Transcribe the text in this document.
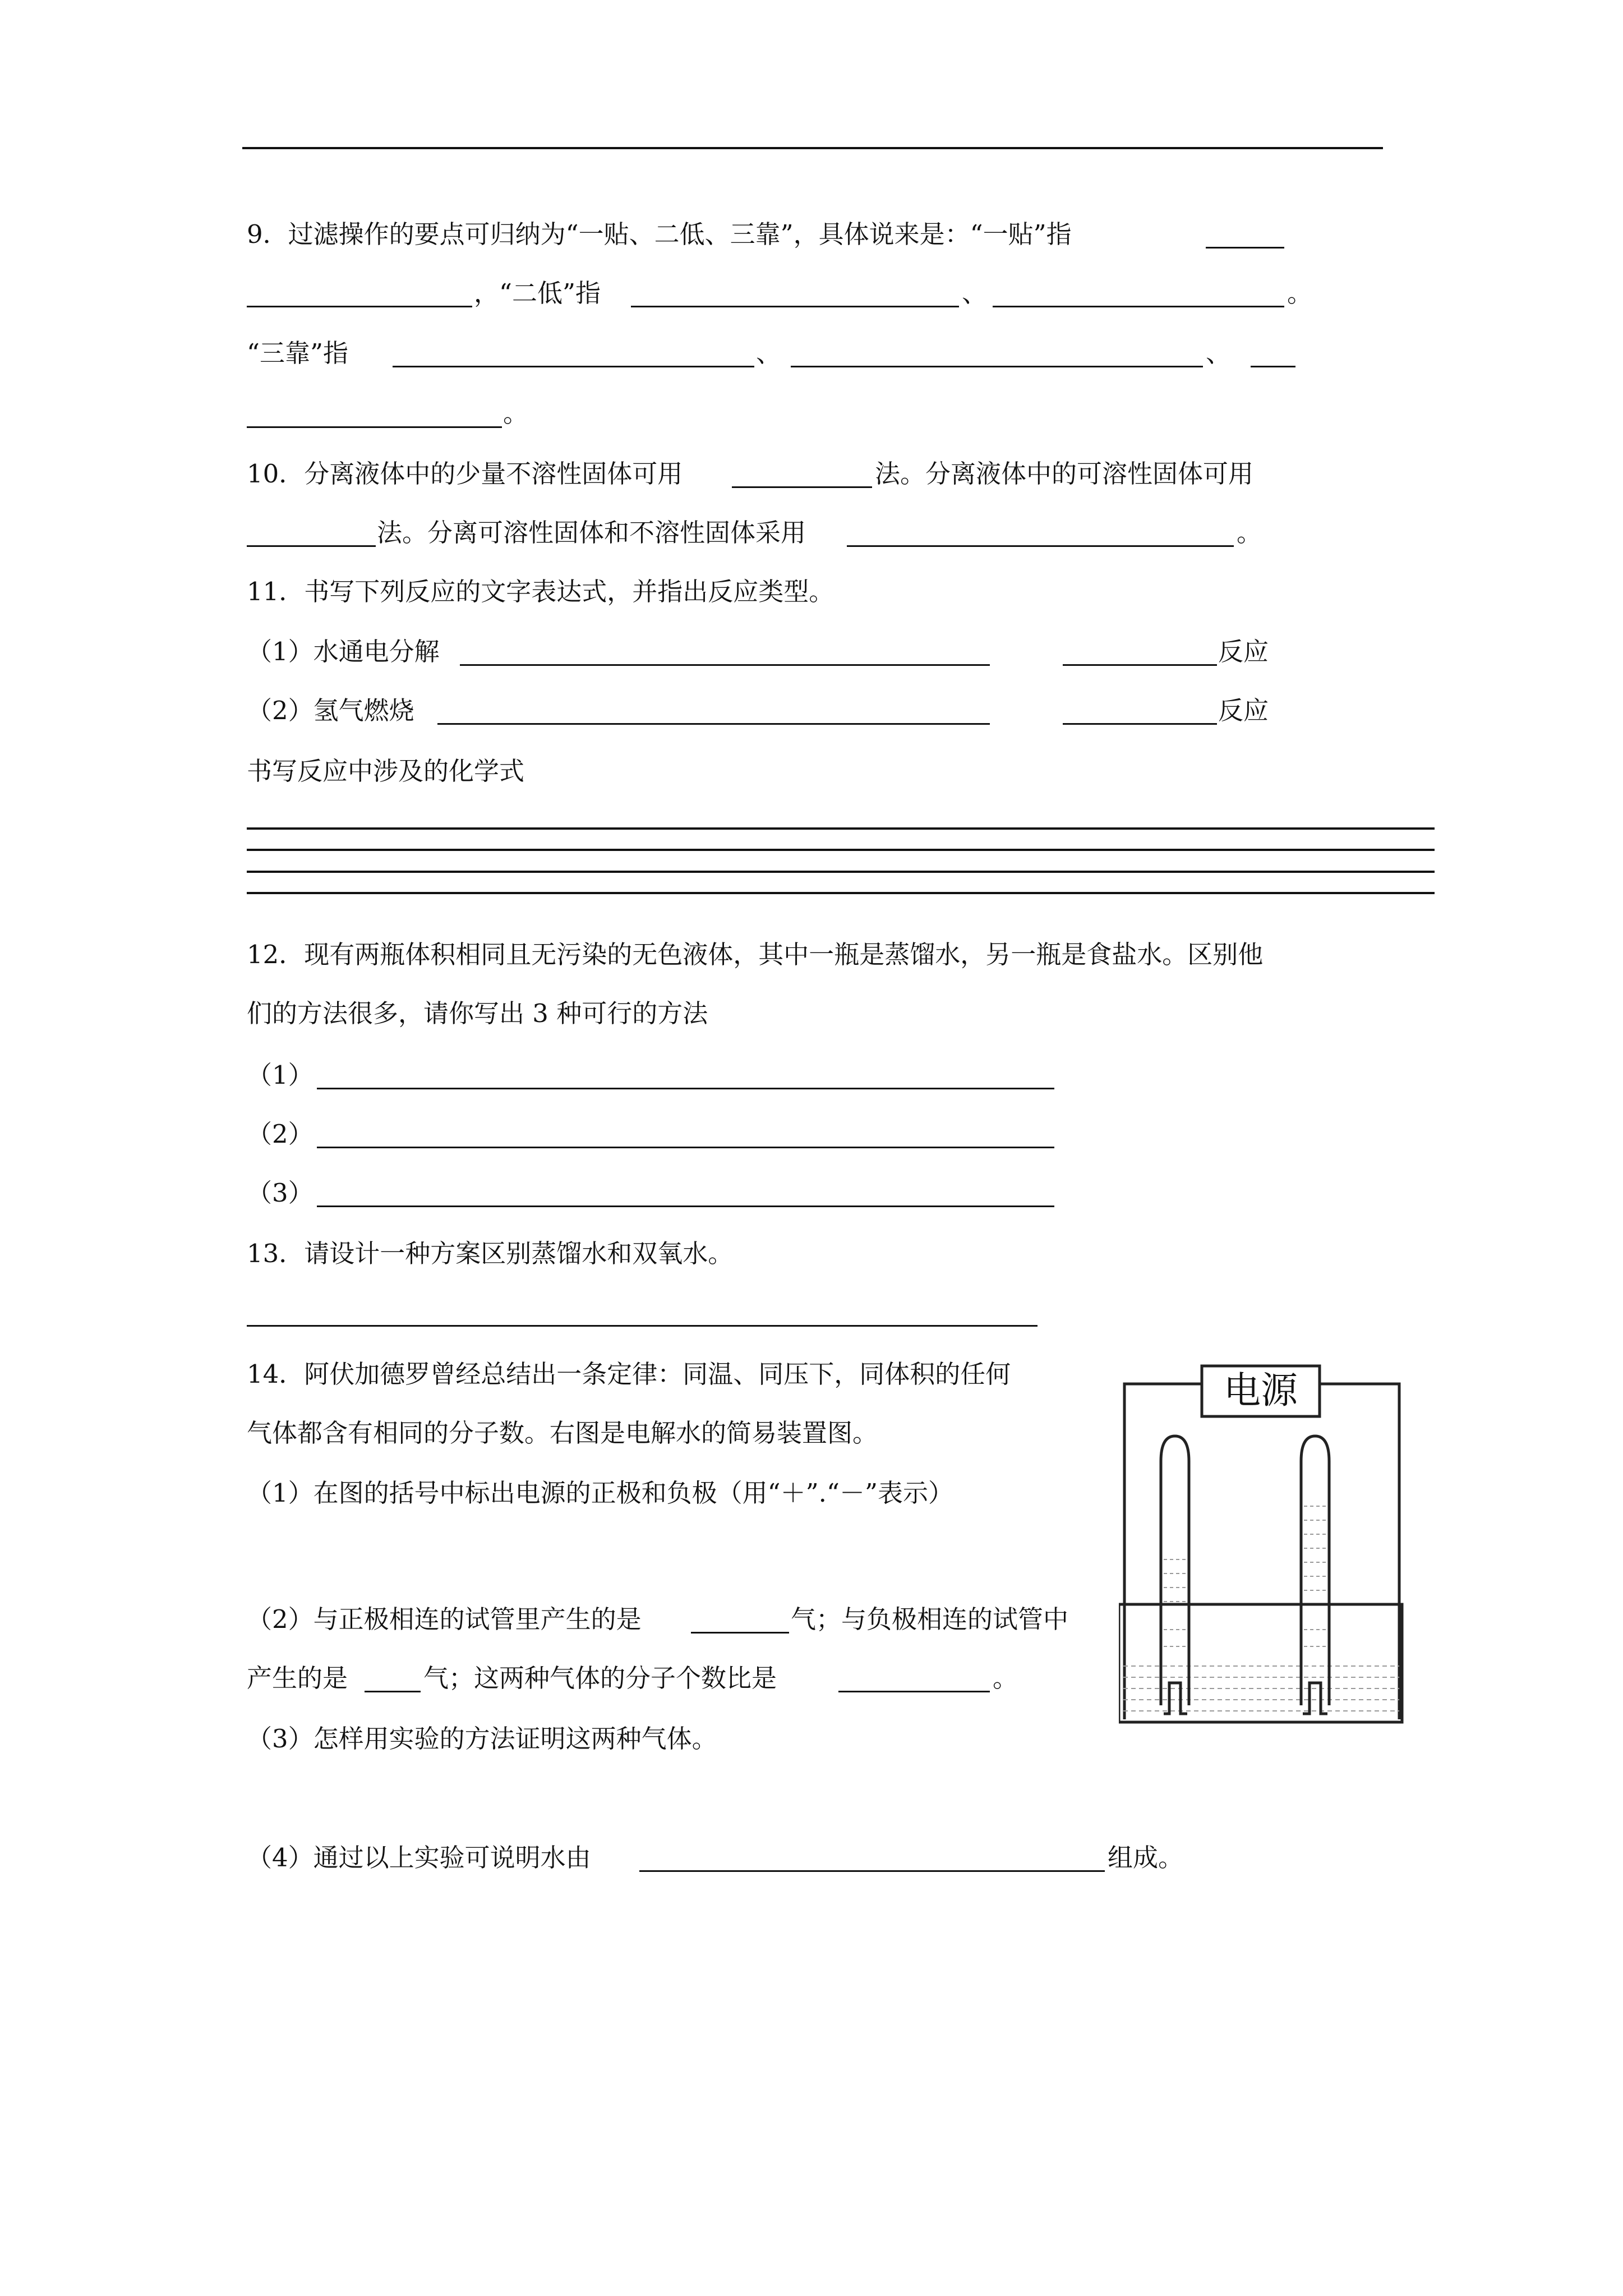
9．过滤操作的要点可归纳为“一贴、二低、三靠”，具体说来是：“一贴”指
，“二低”指	、	。
“三靠”指	、	、
。
10．分离液体中的少量不溶性固体可用	法。分离液体中的可溶性固体可用
法。分离可溶性固体和不溶性固体采用	。
11．书写下列反应的文字表达式，并指出反应类型。
（1）水通电分解	反应
（2）氢气燃烧	反应
书写反应中涉及的化学式
12．现有两瓶体积相同且无污染的无色液体，其中一瓶是蒸馏水，另一瓶是食盐水。区别他
们的方法很多，请你写出 3 种可行的方法
（1）
（2）
（3）
13．请设计一种方案区别蒸馏水和双氧水。
14．阿伏加德罗曾经总结出一条定律：同温、同压下，同体积的任何
气体都含有相同的分子数。右图是电解水的简易装置图。
（1）在图的括号中标出电源的正极和负极（用“＋”.“－”表示）
（2）与正极相连的试管里产生的是	气；与负极相连的试管中
产生的是	气；这两种气体的分子个数比是	。
（3）怎样用实验的方法证明这两种气体。
（4）通过以上实验可说明水由	组成。
电源
